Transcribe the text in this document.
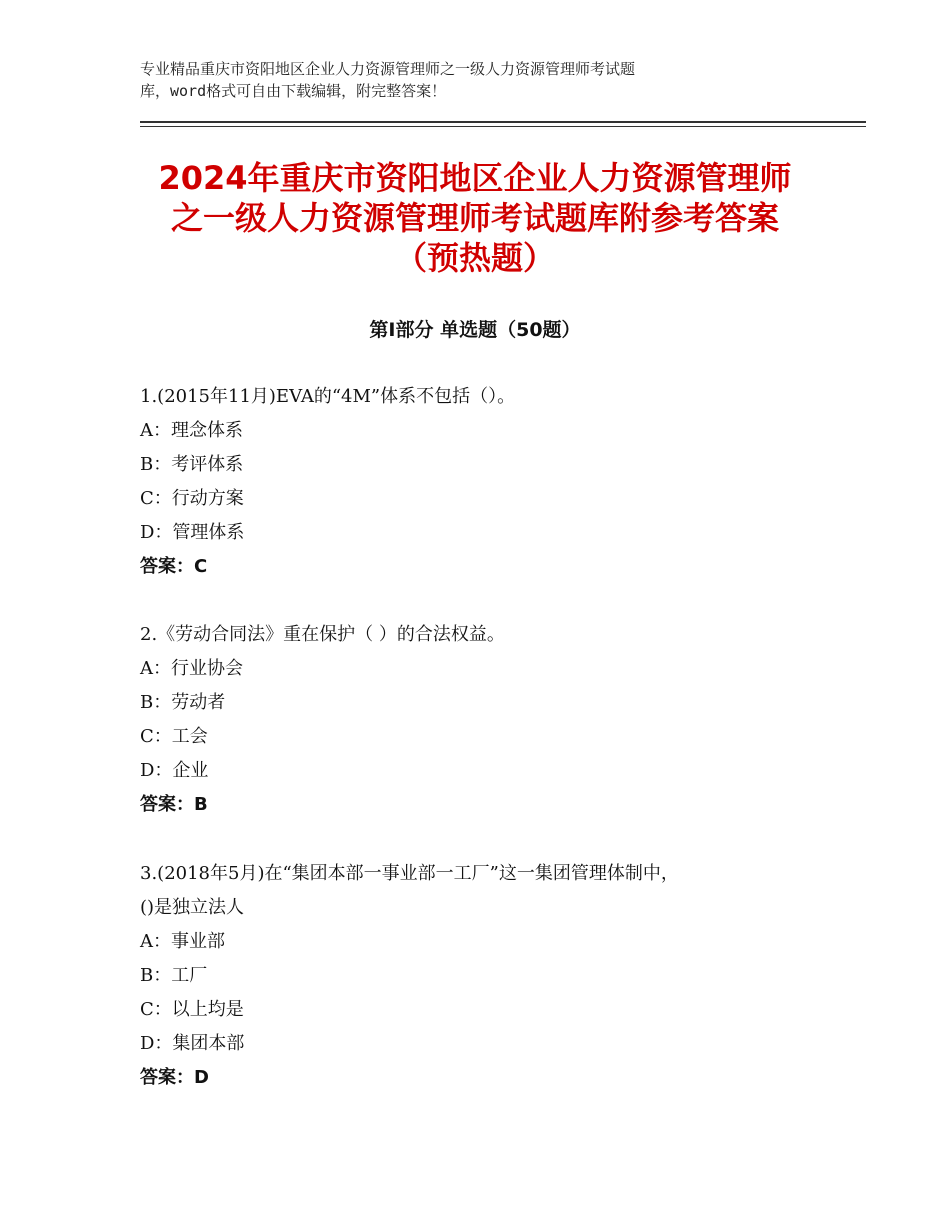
专业精品重庆市资阳地区企业人力资源管理师之一级人力资源管理师考试题
库，word格式可自由下载编辑，附完整答案！
2024年重庆市资阳地区企业人力资源管理师
之一级人力资源管理师考试题库附参考答案
（预热题）
第Ⅰ部分 单选题（50题）
1.(2015年11月)EVA的“4M”体系不包括（）。
A：理念体系
B：考评体系
C：行动方案
D：管理体系
答案：C
2.《劳动合同法》重在保护（ ）的合法权益。
A：行业协会
B：劳动者
C：工会
D：企业
答案：B
3.(2018年5月)在“集团本部一事业部一工厂”这一集团管理体制中，
()是独立法人
A：事业部
B：工厂
C：以上均是
D：集团本部
答案：D
